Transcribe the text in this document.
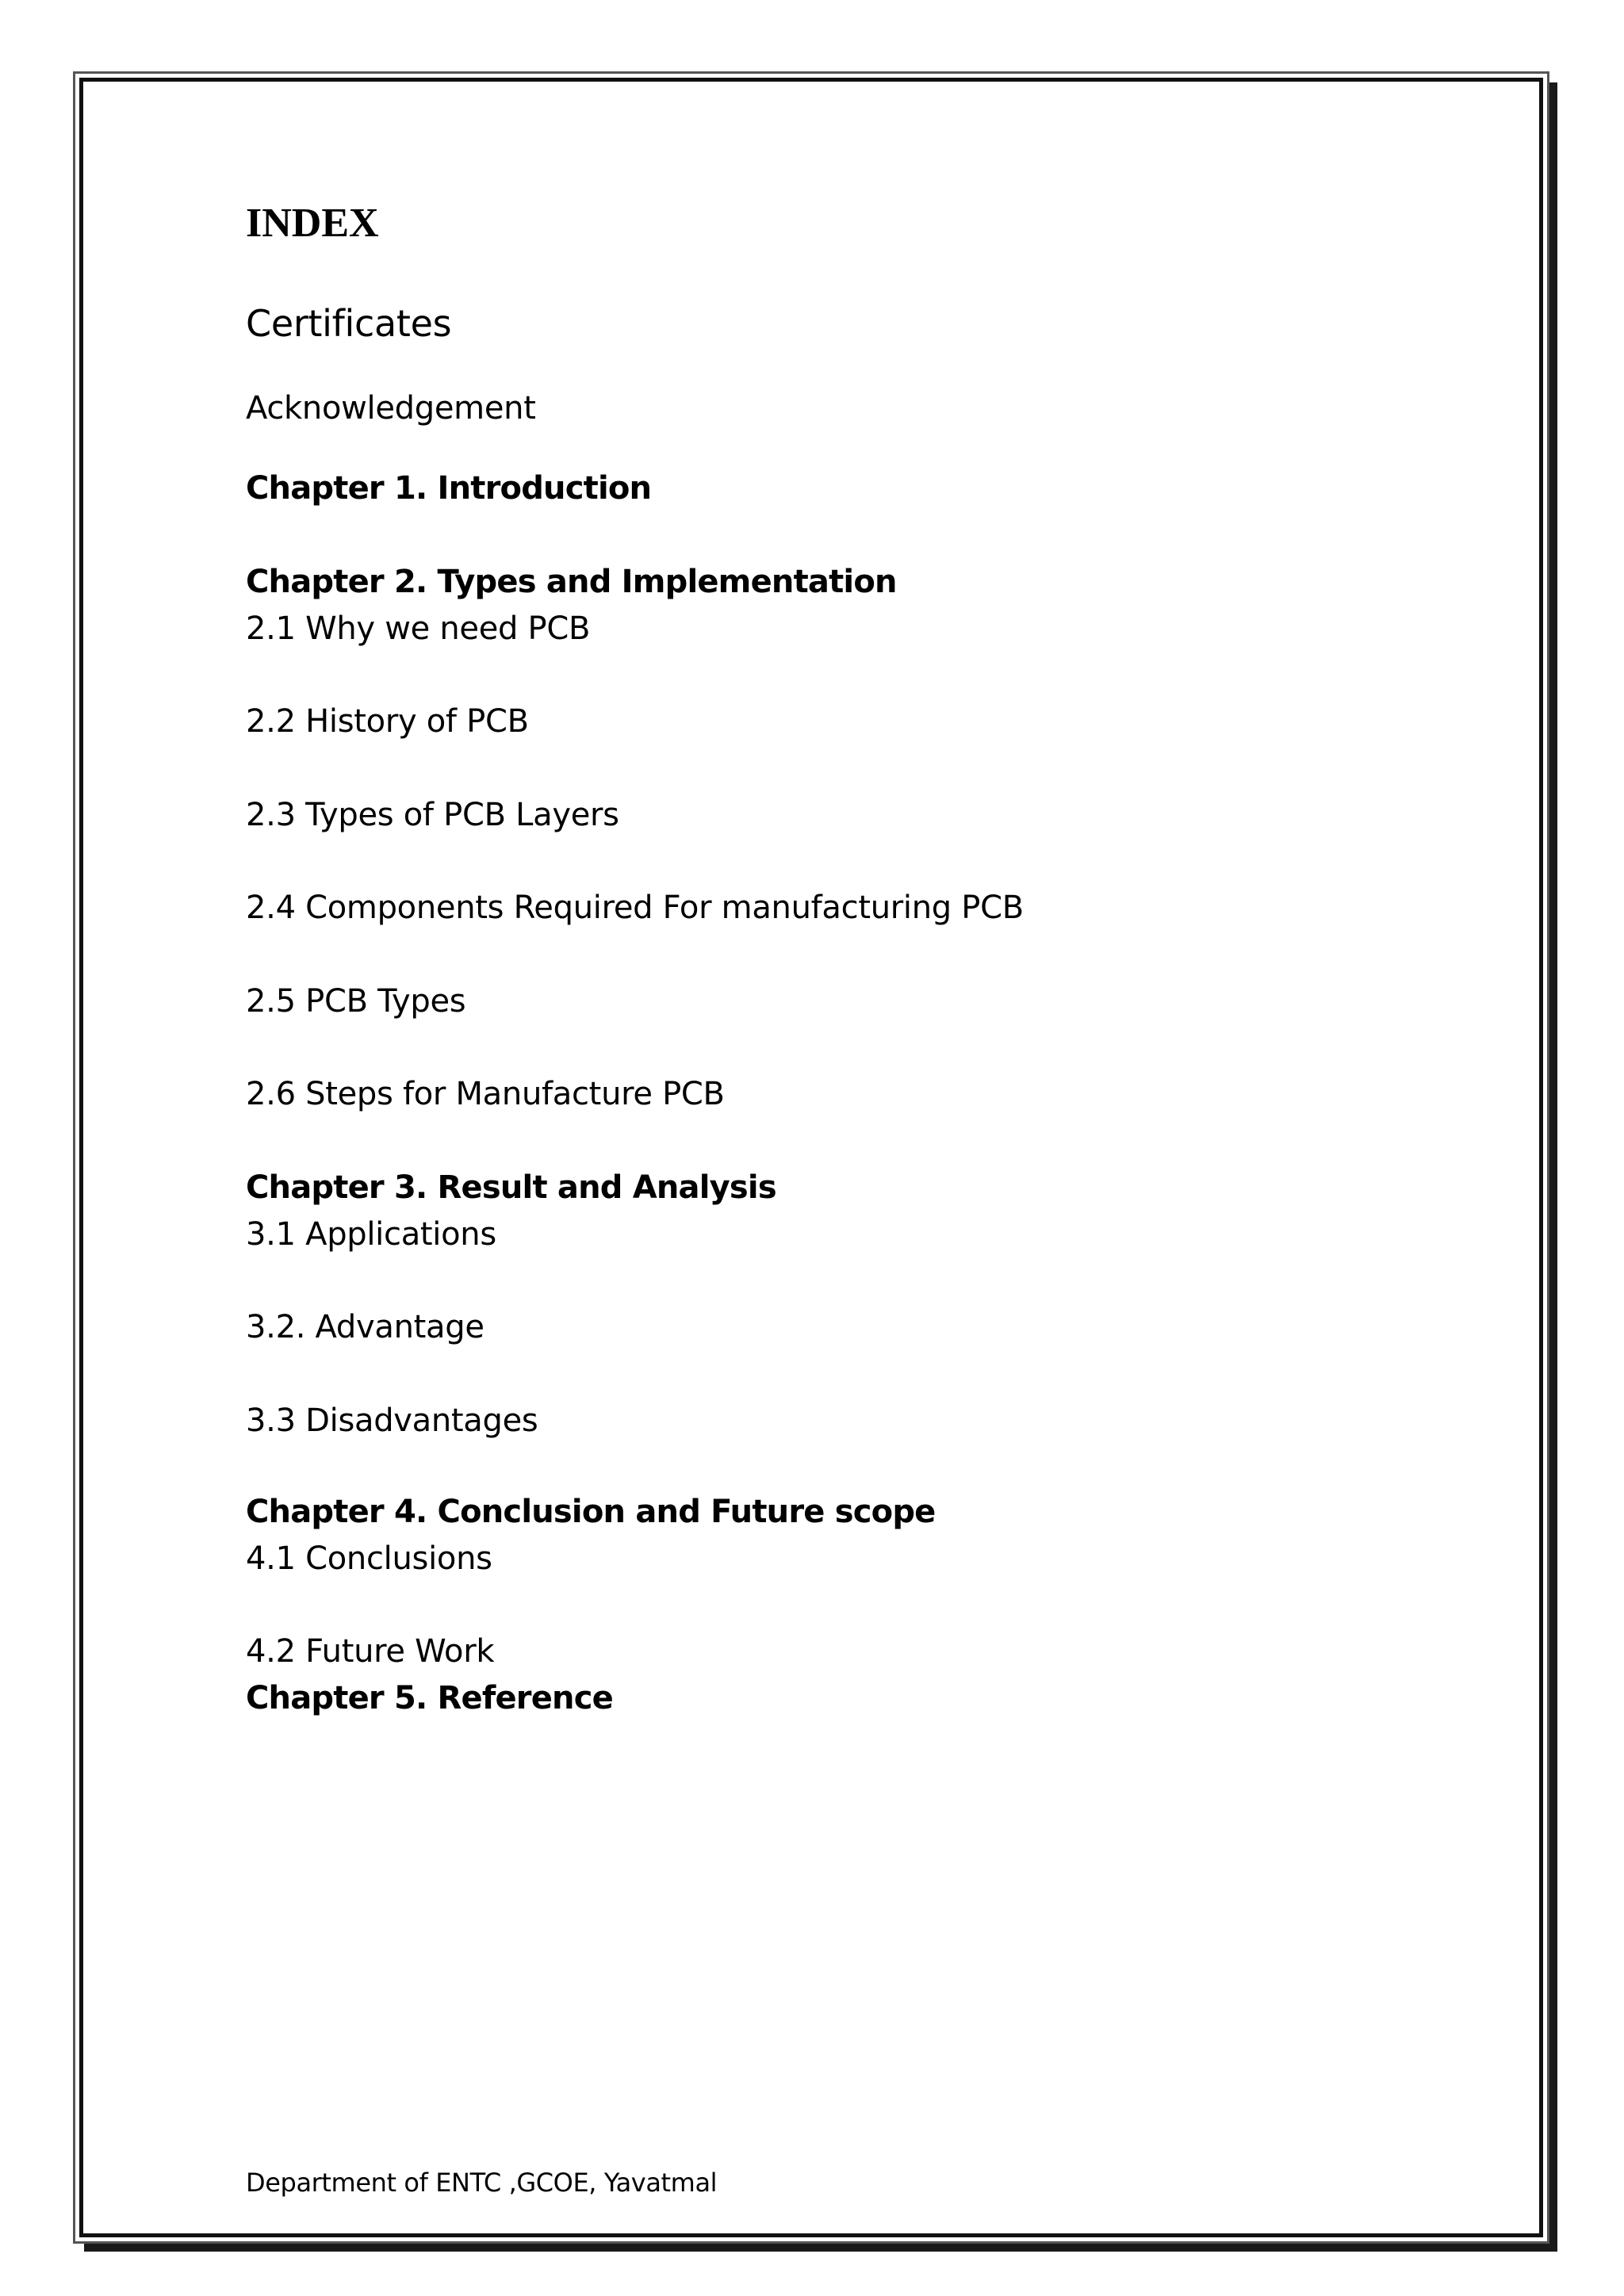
INDEX
Certificates
Acknowledgement
Chapter 1. Introduction
Chapter 2. Types and Implementation
2.1 Why we need PCB
2.2 History of PCB
2.3 Types of PCB Layers
2.4 Components Required For manufacturing PCB
2.5 PCB Types
2.6 Steps for Manufacture PCB
Chapter 3. Result and Analysis
3.1 Applications
3.2. Advantage
3.3 Disadvantages
Chapter 4. Conclusion and Future scope
4.1 Conclusions
4.2 Future Work
Chapter 5. Reference
Department of ENTC ,GCOE, Yavatmal
